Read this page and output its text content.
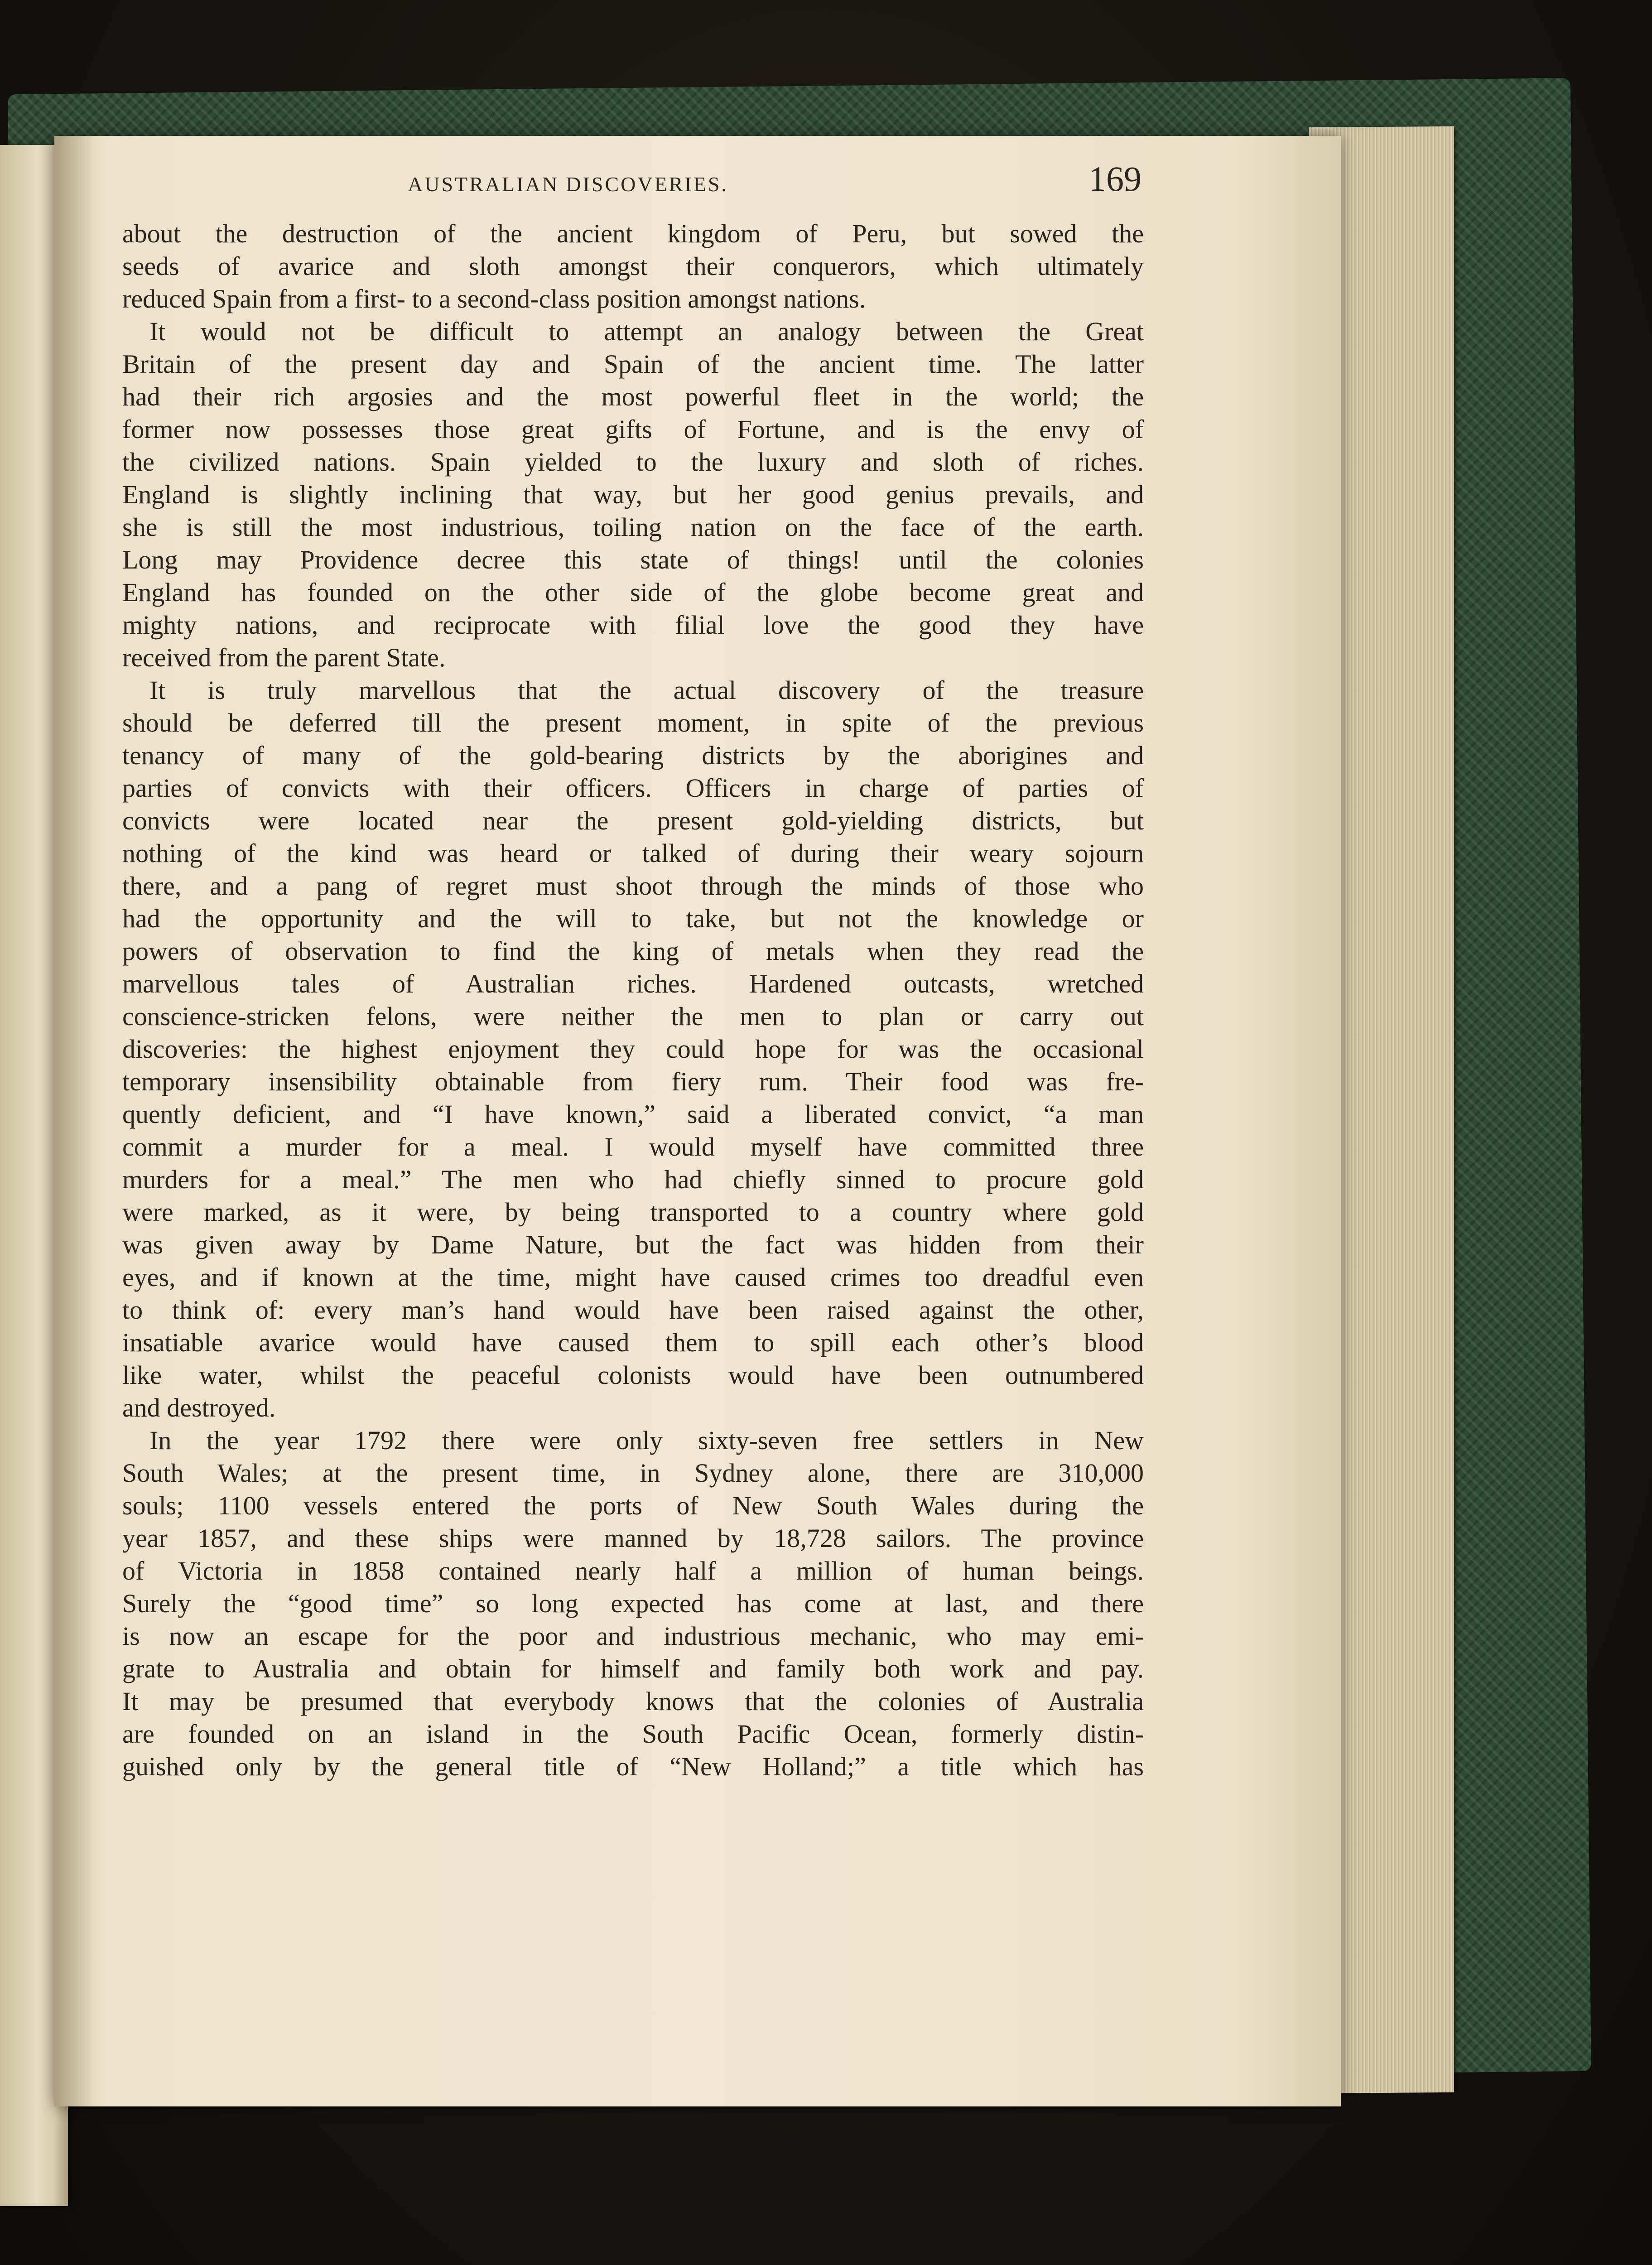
AUSTRALIAN DISCOVERIES.	169
about the destruction of the ancient kingdom of Peru, but sowed the
seeds of avarice and sloth amongst their conquerors, which ultimately
reduced Spain from a first- to a second-class position amongst nations.
It would not be difficult to attempt an analogy between the Great
Britain of the present day and Spain of the ancient time. The latter
had their rich argosies and the most powerful fleet in the world; the
former now possesses those great gifts of Fortune, and is the envy of
the civilized nations. Spain yielded to the luxury and sloth of riches.
England is slightly inclining that way, but her good genius prevails, and
she is still the most industrious, toiling nation on the face of the earth.
Long may Providence decree this state of things! until the colonies
England has founded on the other side of the globe become great and
mighty nations, and reciprocate with filial love the good they have
received from the parent State.
It is truly marvellous that the actual discovery of the treasure
should be deferred till the present moment, in spite of the previous
tenancy of many of the gold-bearing districts by the aborigines and
parties of convicts with their officers. Officers in charge of parties of
convicts were located near the present gold-yielding districts, but
nothing of the kind was heard or talked of during their weary sojourn
there, and a pang of regret must shoot through the minds of those who
had the opportunity and the will to take, but not the knowledge or
powers of observation to find the king of metals when they read the
marvellous tales of Australian riches. Hardened outcasts, wretched
conscience-stricken felons, were neither the men to plan or carry out
discoveries: the highest enjoyment they could hope for was the occasional
temporary insensibility obtainable from fiery rum. Their food was fre-
quently deficient, and “I have known,” said a liberated convict, “a man
commit a murder for a meal. I would myself have committed three
murders for a meal.” The men who had chiefly sinned to procure gold
were marked, as it were, by being transported to a country where gold
was given away by Dame Nature, but the fact was hidden from their
eyes, and if known at the time, might have caused crimes too dreadful even
to think of: every man’s hand would have been raised against the other,
insatiable avarice would have caused them to spill each other’s blood
like water, whilst the peaceful colonists would have been outnumbered
and destroyed.
In the year 1792 there were only sixty-seven free settlers in New
South Wales; at the present time, in Sydney alone, there are 310,000
souls; 1100 vessels entered the ports of New South Wales during the
year 1857, and these ships were manned by 18,728 sailors. The province
of Victoria in 1858 contained nearly half a million of human beings.
Surely the “good time” so long expected has come at last, and there
is now an escape for the poor and industrious mechanic, who may emi-
grate to Australia and obtain for himself and family both work and pay.
It may be presumed that everybody knows that the colonies of Australia
are founded on an island in the South Pacific Ocean, formerly distin-
guished only by the general title of “New Holland;” a title which has
